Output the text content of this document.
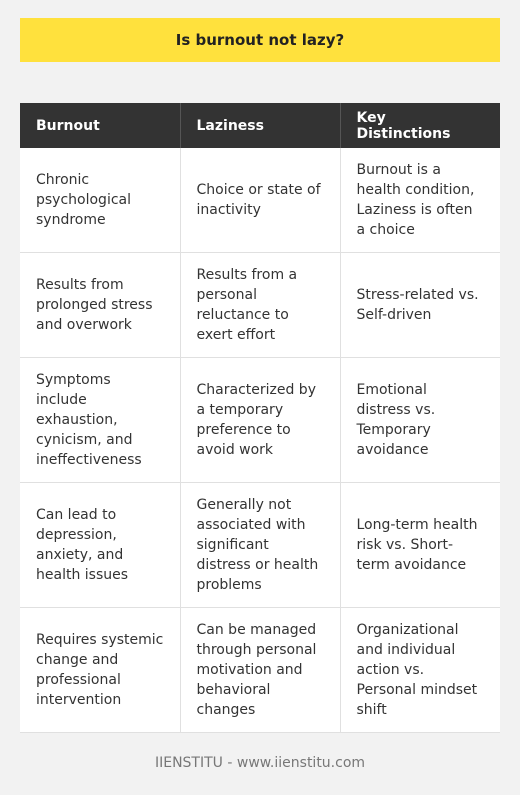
Is burnout not lazy?
Burnout	Laziness	Key Distinctions
Chronic psychological syndrome	Choice or state of inactivity	Burnout is a health condition, Laziness is often a choice
Results from prolonged stress and overwork	Results from a personal reluctance to exert effort	Stress-related vs. Self-driven
Symptoms include exhaustion, cynicism, and ineffectiveness	Characterized by a temporary preference to avoid work	Emotional distress vs. Temporary avoidance
Can lead to depression, anxiety, and health issues	Generally not associated with significant distress or health problems	Long-term health risk vs. Short-term avoidance
Requires systemic change and professional intervention	Can be managed through personal motivation and behavioral changes	Organizational and individual action vs. Personal mindset shift
IIENSTITU - www.iienstitu.com
